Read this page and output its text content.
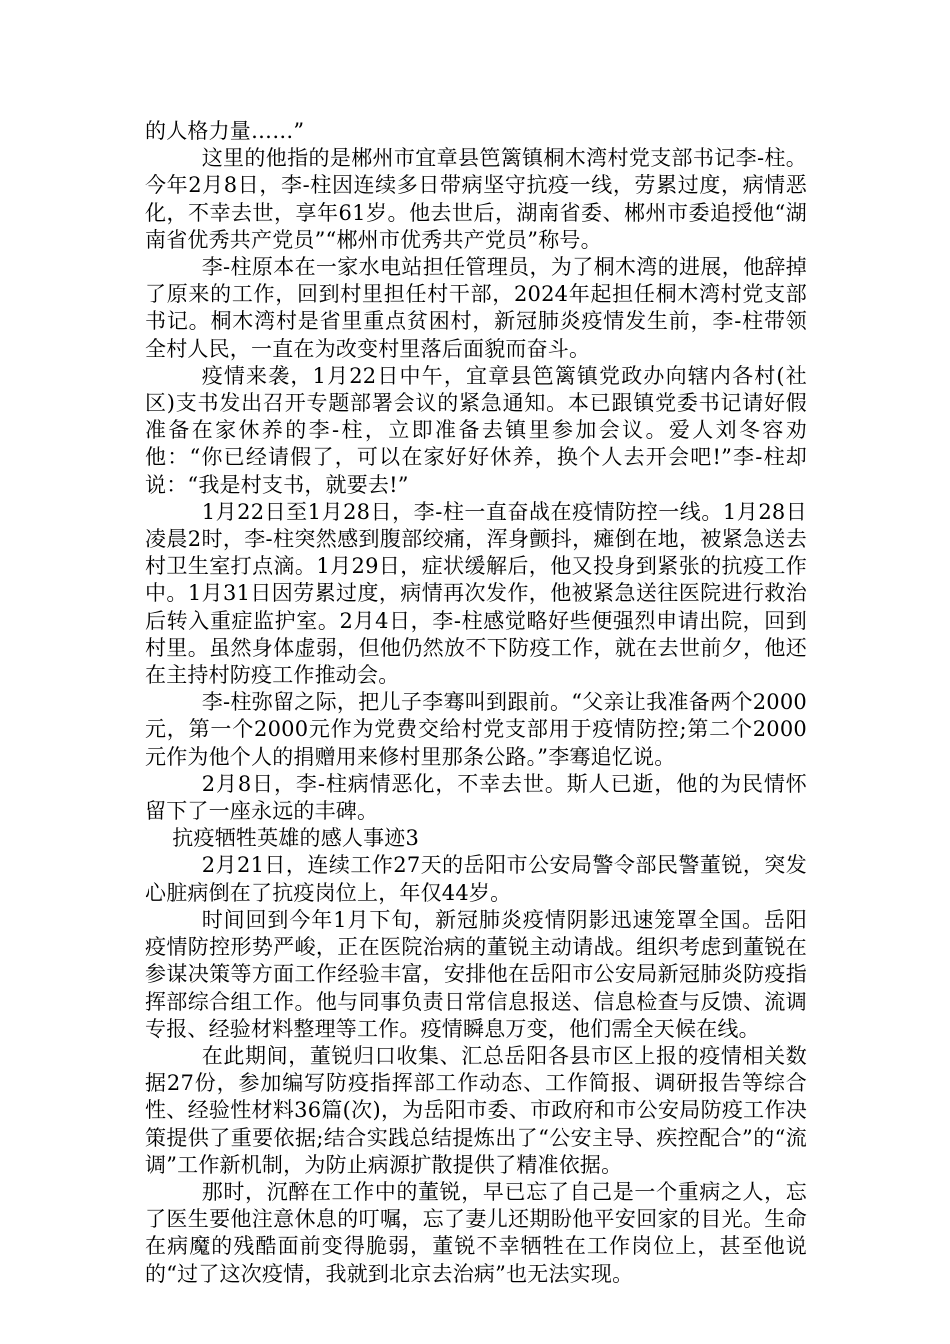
的人格力量……”

这里的他指的是郴州市宜章县笆篱镇桐木湾村党支部书记李-柱。今年2月8日，李-柱因连续多日带病坚守抗疫一线，劳累过度，病情恶化，不幸去世，享年61岁。他去世后，湖南省委、郴州市委追授他“湖南省优秀共产党员”“郴州市优秀共产党员”称号。

李-柱原本在一家水电站担任管理员，为了桐木湾的进展，他辞掉了原来的工作，回到村里担任村干部，2024年起担任桐木湾村党支部书记。桐木湾村是省里重点贫困村，新冠肺炎疫情发生前，李-柱带领全村人民，一直在为改变村里落后面貌而奋斗。

疫情来袭，1月22日中午，宜章县笆篱镇党政办向辖内各村(社区)支书发出召开专题部署会议的紧急通知。本已跟镇党委书记请好假准备在家休养的李-柱，立即准备去镇里参加会议。爱人刘冬容劝他：“你已经请假了，可以在家好好休养，换个人去开会吧!”李-柱却说：“我是村支书，就要去!”

1月22日至1月28日，李-柱一直奋战在疫情防控一线。1月28日凌晨2时，李-柱突然感到腹部绞痛，浑身颤抖，瘫倒在地，被紧急送去村卫生室打点滴。1月29日，症状缓解后，他又投身到紧张的抗疫工作中。1月31日因劳累过度，病情再次发作，他被紧急送往医院进行救治后转入重症监护室。2月4日，李-柱感觉略好些便强烈申请出院，回到村里。虽然身体虚弱，但他仍然放不下防疫工作，就在去世前夕，他还在主持村防疫工作推动会。

李-柱弥留之际，把儿子李骞叫到跟前。“父亲让我准备两个2000元，第一个2000元作为党费交给村党支部用于疫情防控;第二个2000元作为他个人的捐赠用来修村里那条公路。”李骞追忆说。

2月8日，李-柱病情恶化，不幸去世。斯人已逝，他的为民情怀留下了一座永远的丰碑。

抗疫牺牲英雄的感人事迹3

2月21日，连续工作27天的岳阳市公安局警令部民警董锐，突发心脏病倒在了抗疫岗位上，年仅44岁。

时间回到今年1月下旬，新冠肺炎疫情阴影迅速笼罩全国。岳阳疫情防控形势严峻，正在医院治病的董锐主动请战。组织考虑到董锐在参谋决策等方面工作经验丰富，安排他在岳阳市公安局新冠肺炎防疫指挥部综合组工作。他与同事负责日常信息报送、信息检查与反馈、流调专报、经验材料整理等工作。疫情瞬息万变，他们需全天候在线。

在此期间，董锐归口收集、汇总岳阳各县市区上报的疫情相关数据27份，参加编写防疫指挥部工作动态、工作简报、调研报告等综合性、经验性材料36篇(次)，为岳阳市委、市政府和市公安局防疫工作决策提供了重要依据;结合实践总结提炼出了“公安主导、疾控配合”的“流调”工作新机制，为防止病源扩散提供了精准依据。

那时，沉醉在工作中的董锐，早已忘了自己是一个重病之人，忘了医生要他注意休息的叮嘱，忘了妻儿还期盼他平安回家的目光。生命在病魔的残酷面前变得脆弱，董锐不幸牺牲在工作岗位上，甚至他说的“过了这次疫情，我就到北京去治病”也无法实现。
